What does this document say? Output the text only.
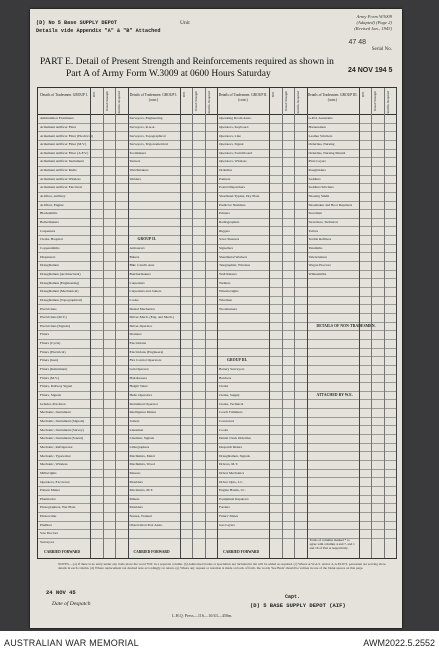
(D) No 5 Base SUPPLY DEPOT	Unit
Details vide Appendix "A" & "B" Attached
Army Form W3009
(Adapted) (Page 2)
(Revised Jan., 1943)
47 48
Serial No.
PART E. Detail of Present Strength and Reinforcements required as shown in
Part A of Army Form W.3009 at 0600 Hours Saturday	24 NOV 194 5
Details of Tradesmen. GROUP I.	W.E.	Posted Strength	Reinfts. Required
Ammunition Examiners
Armament Artificer Fitter
Armament Artificer Fitter (Electrical)
Armament Artificer Fitter (M.V.)
Armament Artificer Fitter (A.F.V.)
Armament Artificer Instrument
Armament Artificer Radio
Armament Artificer Wireless
Armament Artificer Electrical
Artificer, Artillery
Artificer, Engine
Blacksmiths
Boilermakers
Carpenters
Clerks, Hospital
Coppersmiths
Dispensers
Draughtsmen
Draughtsmen (Architectural)
Draughtsmen (Engineering)
Draughtsmen (Mechanical)
Draughtsmen (Topographical)
Electricians
Electricians (M.V.)
Electricians (Signals)
Fitters
Fitters (Cycle)
Fitters (Electrical)
Fitters (Gun)
Fitters (Instrument)
Fitters (M.V.)
Fitters, Railway Signal
Fitters, Signals
Grinder, Precision
Mechanic, Instrument
Mechanic, Instrument (Signals)
Mechanic, Instrument (Survey)
Mechanic, Instrument (Sound)
Mechanic, Refrigerator
Mechanic, Typewriter
Mechanic, Wireless
Millwrights
Operators, Excavator
Pattern Maker
Pharmacist
Photographers, Wet Plate
Photowriter
Plumber
Saw Doctors
Surveyors
CARRIED FORWARD
Details of Tradesmen. GROUP I. (cont.)
W.E.	Posted Strength	Reinfts. Required
Surveyors, Engineering
Surveyors, R.A.A.
Surveyors, Topographical
Surveyors, Trigonometrical
Toolmakers
Turners
Watchmakers
Welders
GROUP II.
Armourers
Bakers
Blkr. Cand'n Asst.
Butchermakers
Carpenters
Carpenters and Joiners
Cooks
Dental Mechanics
Driver-Mech. (Eng. and Mech.)
Driver-Operator
Drainers
Electricians
Electricians (Engineers)
Fire Control Operators
Gun Operator
Hairdressers
Height Taker
Helio Operators
Instrument Operator
Intelligence Duties
Joiners
Linesmen
Linemen, Signals
Lithographers
Machinists, Metal
Machinists, Wood
Masons
Moulders
Mechanics, M.T.
Miners
Moulders
Nurses, Trained
Observation Post Assts.
CARRIED FORWARD
Details of Tradesmen. GROUP II. (cont.)
W.E.	Posted Strength	Reinfts. Required
Operating Room Assts.
Operators, Keyboard
Operators, Line
Operators, Signal
Operators, Switchboard
Operators, Wireless
Orderlies
Painters
Postal Dispatchers
Shorthand Typists, Dry Plate
Predictor Numbers
Printers
Radiographers
Riggers
Saws Sheeters
Signallers
Sheetmetal Workers
Telegraphist, Wireless
Wall Raisers
Welders
Wheelwrights
Wiremen
Woodturners
GROUP III.
Battery Surveyors
Batchers
Clerks
Clerks, Supply
Clerks, Technical
Coach Trimmers
Concreters
Cooks
Dental Clerk Orderlies
Despatch Riders
Draughtsmen, Signals
Drivers, M.T.
Driver Mechanics
Driver Opts., I.C.
Engine Hands, I.C.
Equipment Repairers
Farriers
Fitters' Mates
Gas Layers
CARRIED FORWARD
Details of Tradesmen. GROUP III. (cont.)
W.E.	Posted Strength	Reinfts. Required
G.P.O. Assistants
Harnessmen
Leather Stitchers
Orderlies, Nursing
Orderlies, Nursing Mental
Plate Layers
Roughriders
Saddlers
Saddlers Stitchers
Shoeing Smith
Shoemaker and Boot Repairers
Storemen
Stretchers, Technical
Tailors
Textile Refitters
Tinsmiths
Valenciennes
Wagon Erectors
Whitesmiths
DETAILS OF NON-TRADESMEN.
ATTACHED BY W.E.
Totals of columns marked * to agree with columns 4 and 7, and 1 and 16 of Part A respectively.
NOTES.—(a) If there is no entry under any trade place the word 'NIL' in a separate column. (b) Authorised trades or specialists not included in list will be added as required. (c) Where A.W.A.S. and/or A.A.M.W.S. personnel are serving show details in each column. (d) Where replacement not desired note accordingly on return. (e) Where any request or notation is made on back of form, the words 'See Back' should be written in one of the blank spaces on this page.
24 NOV 45
Date of Despatch
Capt.
(D) 5 BASE SUPPLY DEPOT (AIF)
L.H.Q. Press—116—10/43—450m.
AUSTRALIAN WAR MEMORIAL	AWM2022.5.2552
